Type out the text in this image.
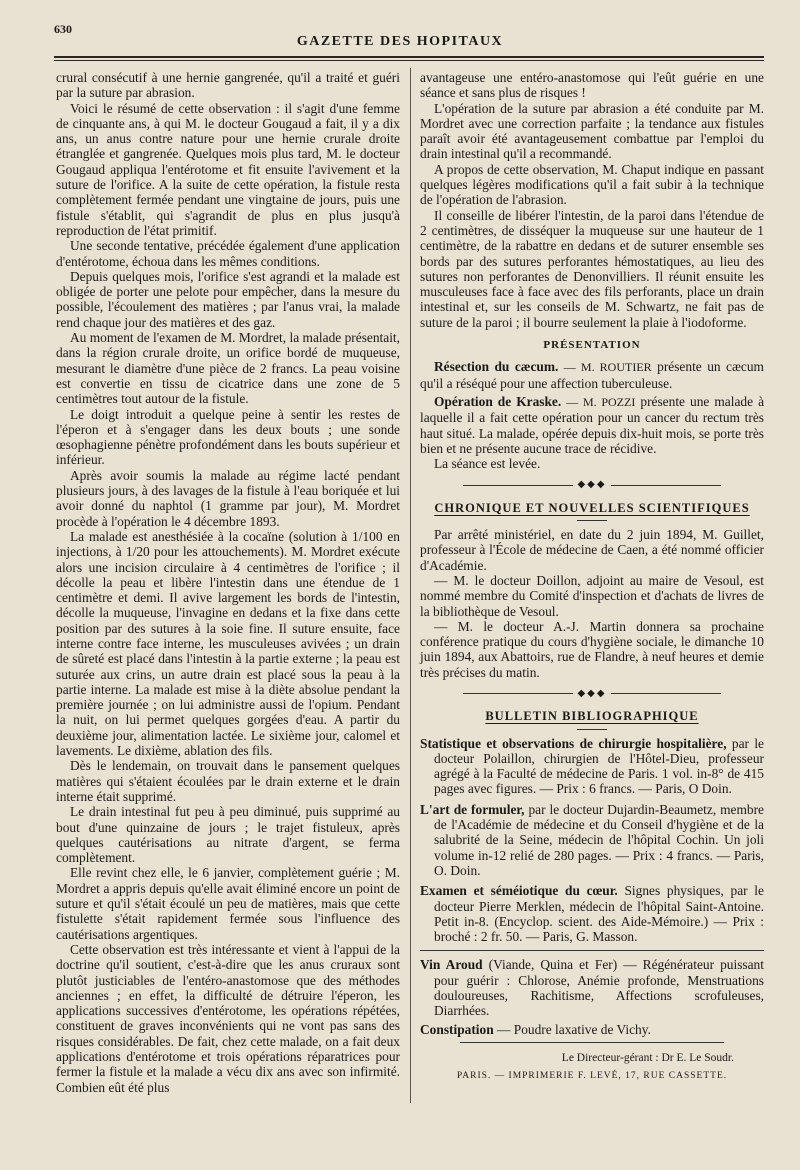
630
GAZETTE DES HOPITAUX

crural consécutif à une hernie gangrenée, qu'il a traité et guéri par la suture par abrasion.

Voici le résumé de cette observation : il s'agit d'une femme de cinquante ans, à qui M. le docteur Gougaud a fait, il y a dix ans, un anus contre nature pour une hernie crurale droite étranglée et gangrenée. Quelques mois plus tard, M. le docteur Gougaud appliqua l'entérotome et fit ensuite l'avivement et la suture de l'orifice. A la suite de cette opération, la fistule resta complètement fermée pendant une vingtaine de jours, puis une fistule s'établit, qui s'agrandit de plus en plus jusqu'à reproduction de l'état primitif.

Une seconde tentative, précédée également d'une application d'entérotome, échoua dans les mêmes conditions.

Depuis quelques mois, l'orifice s'est agrandi et la malade est obligée de porter une pelote pour empêcher, dans la mesure du possible, l'écoulement des matières ; par l'anus vrai, la malade rend chaque jour des matières et des gaz.

Au moment de l'examen de M. Mordret, la malade présentait, dans la région crurale droite, un orifice bordé de muqueuse, mesurant le diamètre d'une pièce de 2 francs. La peau voisine est convertie en tissu de cicatrice dans une zone de 5 centimètres tout autour de la fistule.

Le doigt introduit a quelque peine à sentir les restes de l'éperon et à s'engager dans les deux bouts ; une sonde œsophagienne pénètre profondément dans les bouts supérieur et inférieur.

Après avoir soumis la malade au régime lacté pendant plusieurs jours, à des lavages de la fistule à l'eau boriquée et lui avoir donné du naphtol (1 gramme par jour), M. Mordret procède à l'opération le 4 décembre 1893.

La malade est anesthésiée à la cocaïne (solution à 1/100 en injections, à 1/20 pour les attouchements). M. Mordret exécute alors une incision circulaire à 4 centimètres de l'orifice ; il décolle la peau et libère l'intestin dans une étendue de 1 centimètre et demi. Il avive largement les bords de l'intestin, décolle la muqueuse, l'invagine en dedans et la fixe dans cette position par des sutures à la soie fine. Il suture ensuite, face interne contre face interne, les musculeuses avivées ; un drain de sûreté est placé dans l'intestin à la partie externe ; la peau est suturée aux crins, un autre drain est placé sous la peau à la partie interne. La malade est mise à la diète absolue pendant la première journée ; on lui administre aussi de l'opium. Pendant la nuit, on lui permet quelques gorgées d'eau. A partir du deuxième jour, alimentation lactée. Le sixième jour, calomel et lavements. Le dixième, ablation des fils.

Dès le lendemain, on trouvait dans le pansement quelques matières qui s'étaient écoulées par le drain externe et le drain interne était supprimé.

Le drain intestinal fut peu à peu diminué, puis supprimé au bout d'une quinzaine de jours ; le trajet fistuleux, après quelques cautérisations au nitrate d'argent, se ferma complètement.

Elle revint chez elle, le 6 janvier, complètement guérie ; M. Mordret a appris depuis qu'elle avait éliminé encore un point de suture et qu'il s'était écoulé un peu de matières, mais que cette fistulette s'était rapidement fermée sous l'influence des cautérisations argentiques.

Cette observation est très intéressante et vient à l'appui de la doctrine qu'il soutient, c'est-à-dire que les anus cruraux sont plutôt justiciables de l'entéro-anastomose que des méthodes anciennes ; en effet, la difficulté de détruire l'éperon, les applications successives d'entérotome, les opérations répétées, constituent de graves inconvénients qui ne vont pas sans des risques considérables. De fait, chez cette malade, on a fait deux applications d'entérotome et trois opérations réparatrices pour fermer la fistule et la malade a vécu dix ans avec son infirmité. Combien eût été plus

avantageuse une entéro-anastomose qui l'eût guérie en une séance et sans plus de risques !

L'opération de la suture par abrasion a été conduite par M. Mordret avec une correction parfaite ; la tendance aux fistules paraît avoir été avantageusement combattue par l'emploi du drain intestinal qu'il a recommandé.

A propos de cette observation, M. Chaput indique en passant quelques légères modifications qu'il a fait subir à la technique de l'opération de l'abrasion.

Il conseille de libérer l'intestin, de la paroi dans l'étendue de 2 centimètres, de disséquer la muqueuse sur une hauteur de 1 centimètre, de la rabattre en dedans et de suturer ensemble ses bords par des sutures perforantes hémostatiques, au lieu des sutures non perforantes de Denonvilliers. Il réunit ensuite les musculeuses face à face avec des fils perforants, place un drain intestinal et, sur les conseils de M. Schwartz, ne fait pas de suture de la paroi ; il bourre seulement la plaie à l'iodoforme.

PRÉSENTATION

Résection du cæcum. — M. ROUTIER présente un cæcum qu'il a réséqué pour une affection tuberculeuse.

Opération de Kraske. — M. POZZI présente une malade à laquelle il a fait cette opération pour un cancer du rectum très haut situé. La malade, opérée depuis dix-huit mois, se porte très bien et ne présente aucune trace de récidive.

La séance est levée.

◆◆◆

CHRONIQUE ET NOUVELLES SCIENTIFIQUES

Par arrêté ministériel, en date du 2 juin 1894, M. Guillet, professeur à l'École de médecine de Caen, a été nommé officier d'Académie.

— M. le docteur Doillon, adjoint au maire de Vesoul, est nommé membre du Comité d'inspection et d'achats de livres de la bibliothèque de Vesoul.

— M. le docteur A.-J. Martin donnera sa prochaine conférence pratique du cours d'hygiène sociale, le dimanche 10 juin 1894, aux Abattoirs, rue de Flandre, à neuf heures et demie très précises du matin.

◆◆◆

BULLETIN BIBLIOGRAPHIQUE

Statistique et observations de chirurgie hospitalière, par le docteur Polaillon, chirurgien de l'Hôtel-Dieu, professeur agrégé à la Faculté de médecine de Paris. 1 vol. in-8° de 415 pages avec figures. — Prix : 6 francs. — Paris, O Doin.

L'art de formuler, par le docteur Dujardin-Beaumetz, membre de l'Académie de médecine et du Conseil d'hygiène et de la salubrité de la Seine, médecin de l'hôpital Cochin. Un joli volume in-12 relié de 280 pages. — Prix : 4 francs. — Paris, O. Doin.

Examen et séméiotique du cœur. Signes physiques, par le docteur Pierre Merklen, médecin de l'hôpital Saint-Antoine. Petit in-8. (Encyclop. scient. des Aide-Mémoire.) — Prix : broché : 2 fr. 50. — Paris, G. Masson.

Vin Aroud (Viande, Quina et Fer) — Régénérateur puissant pour guérir : Chlorose, Anémie profonde, Menstruations douloureuses, Rachitisme, Affections scrofuleuses, Diarrhées.

Constipation — Poudre laxative de Vichy.

Le Directeur-gérant : Dr E. Le Soudr.

PARIS. — IMPRIMERIE F. LEVÉ, 17, RUE CASSETTE.
